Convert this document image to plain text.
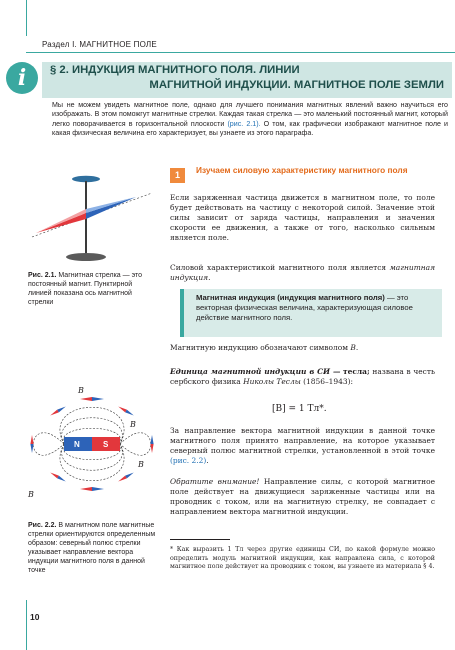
Раздел I. МАГНИТНОЕ ПОЛЕ
i	§ 2. ИНДУКЦИЯ МАГНИТНОГО ПОЛЯ. ЛИНИИ
МАГНИТНОЙ ИНДУКЦИИ. МАГНИТНОЕ ПОЛЕ ЗЕМЛИ
Мы не можем увидеть магнитное поле, однако для лучшего понимания магнитных явлений важно научиться его изображать. В этом поможгут магнитные стрелки. Каждая такая стрелка — это маленький постоянный магнит, который легко поворачивается в горизонтальной плоскости (рис. 2.1). О том, как графически изображают магнитное поле и какая физическая величина его характеризует, вы узнаете из этого параграфа.
Рис. 2.1. Магнитная стрелка — это постоянный магнит. Пунктирной линией показана ось магнитной стрелки
N	S
B
B
B
B
Рис. 2.2. В магнитном поле магнитные стрелки ориентируются определенным образом: северный полюс стрелки указывает направление вектора индукции магнитного поля в данной точке
1	Изучаем силовую характеристику магнитного поля
Если заряженная частица движется в магнитном поле, то поле будет действовать на частицу с некоторой силой. Значение этой силы зависит от заряда частицы, направления и значения скорости ее движения, а также от того, насколько сильным является поле.
Силовой характеристикой магнитного поля является магнитная индукция.
Магнитная индукция (индукция магнитного поля) — это векторная физическая величина, характеризующая силовое действие магнитного поля.
Магнитную индукцию обозначают символом B.
Единица магнитной индукции в СИ — тесла; названа в честь сербского физика Николы Теслы (1856–1943):
[B] = 1 Тл*.
За направление вектора магнитной индукции в данной точке магнитного поля принято направление, на которое указывает северный полюс магнитной стрелки, установленной в этой точке (рис. 2.2).
Обратите внимание! Направление силы, с которой магнитное поле действует на движущиеся заряженные частицы или на проводник с током, или на магнитную стрелку, не совпадает с направлением вектора магнитной индукции.
* Как выразить 1 Тл через другие единицы СИ, по какой формуле можно определить модуль магнитной индукции, как направлена сила, с которой магнитное поле действует на проводник с током, вы узнаете из материала § 4.
10
